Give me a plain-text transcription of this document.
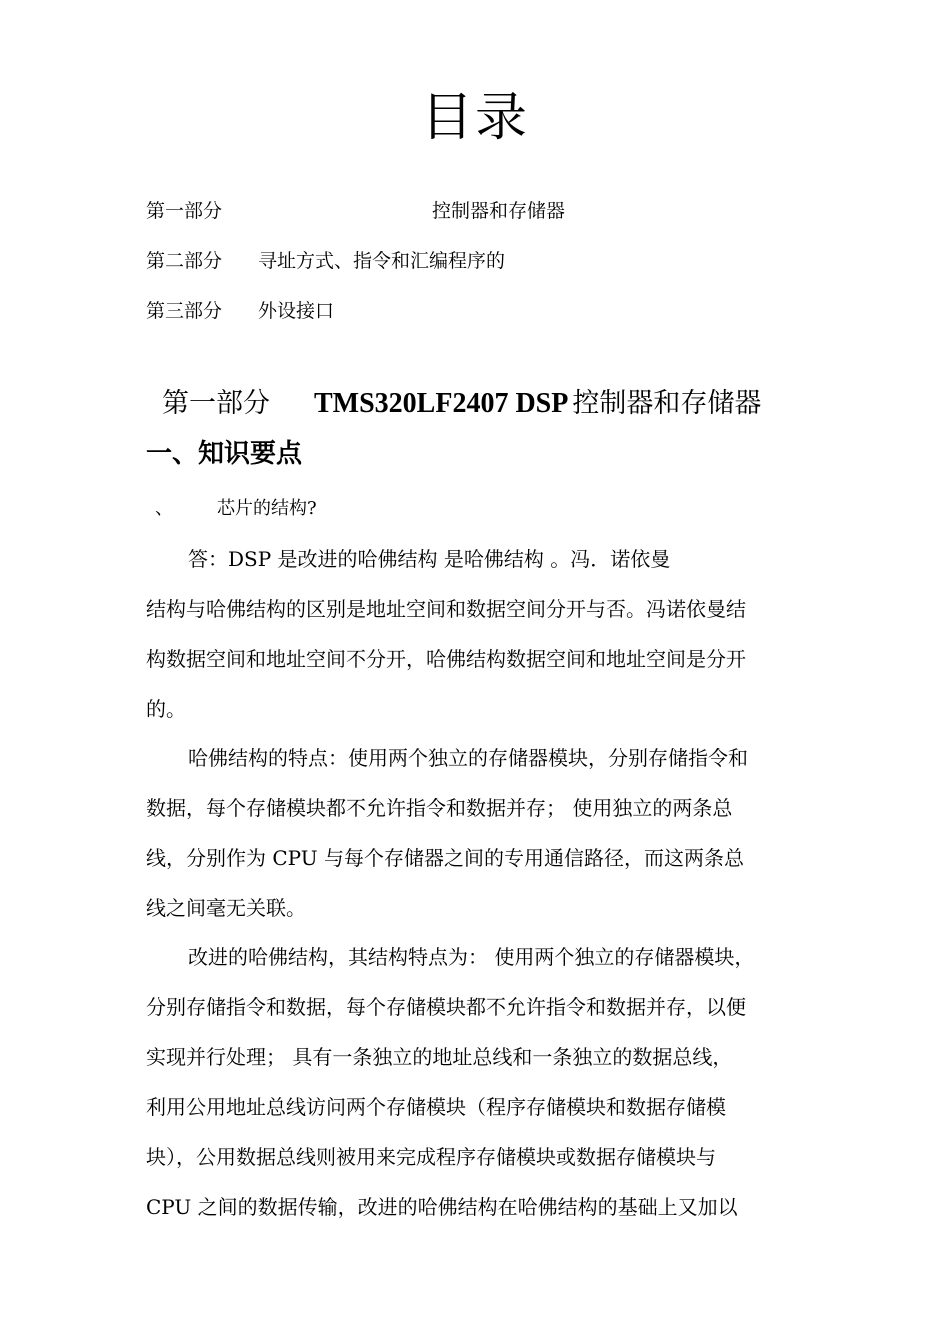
目录
第一部分	控制器和存储器
第二部分 寻址方式、指令和汇编程序的
第三部分 外设接口
第一部分 TMS320LF2407 DSP 控制器和存储器
一、知识要点
、 芯片的结构?
答：DSP 是改进的哈佛结构 是哈佛结构 。冯．诺依曼
结构与哈佛结构的区别是地址空间和数据空间分开与否。冯诺依曼结
构数据空间和地址空间不分开，哈佛结构数据空间和地址空间是分开
的。
哈佛结构的特点：使用两个独立的存储器模块，分别存储指令和
数据，每个存储模块都不允许指令和数据并存； 使用独立的两条总
线，分别作为 CPU 与每个存储器之间的专用通信路径，而这两条总
线之间毫无关联。
改进的哈佛结构，其结构特点为： 使用两个独立的存储器模块，
分别存储指令和数据，每个存储模块都不允许指令和数据并存，以便
实现并行处理； 具有一条独立的地址总线和一条独立的数据总线，
利用公用地址总线访问两个存储模块（程序存储模块和数据存储模
块），公用数据总线则被用来完成程序存储模块或数据存储模块与
CPU 之间的数据传输，改进的哈佛结构在哈佛结构的基础上又加以
